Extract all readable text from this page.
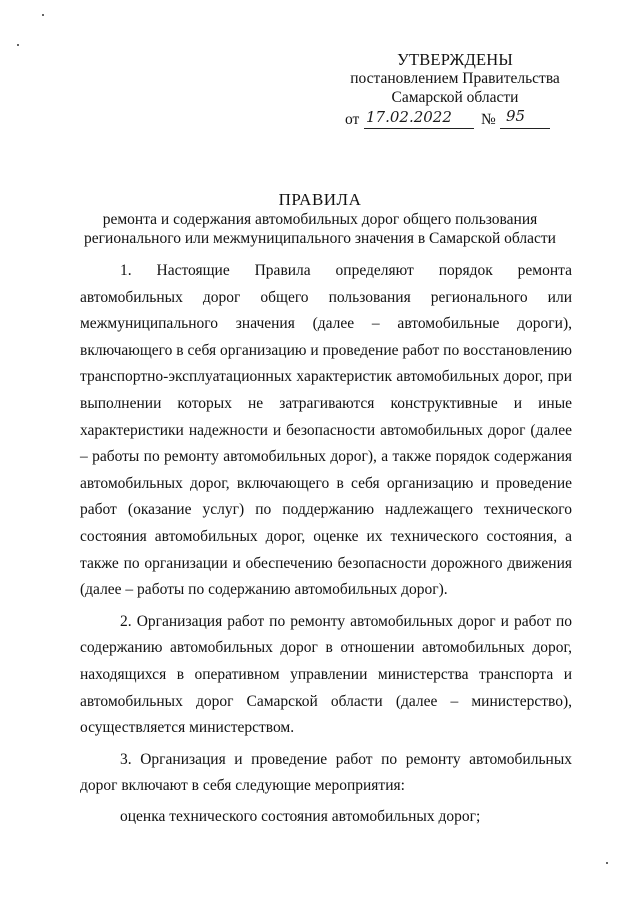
УТВЕРЖДЕНЫ
постановлением Правительства
Самарской области
от 17.02.2022 № 95
ПРАВИЛА
ремонта и содержания автомобильных дорог общего пользования
регионального или межмуниципального значения в Самарской области

1. Настоящие Правила определяют порядок ремонта автомобильных дорог общего пользования регионального или межмуниципального значения (далее – автомобильные дороги), включающего в себя организацию и проведение работ по восстановлению транспортно-эксплуатационных характеристик автомобильных дорог, при выполнении которых не затрагиваются конструктивные и иные характеристики надежности и безопасности автомобильных дорог (далее – работы по ремонту автомобильных дорог), а также порядок содержания автомобильных дорог, включающего в себя организацию и проведение работ (оказание услуг) по поддержанию надлежащего технического состояния автомобильных дорог, оценке их технического состояния, а также по организации и обеспечению безопасности дорожного движения (далее – работы по содержанию автомобильных дорог).

2. Организация работ по ремонту автомобильных дорог и работ по содержанию автомобильных дорог в отношении автомобильных дорог, находящихся в оперативном управлении министерства транспорта и автомобильных дорог Самарской области (далее – министерство), осуществляется министерством.

3. Организация и проведение работ по ремонту автомобильных дорог включают в себя следующие мероприятия:

оценка технического состояния автомобильных дорог;
